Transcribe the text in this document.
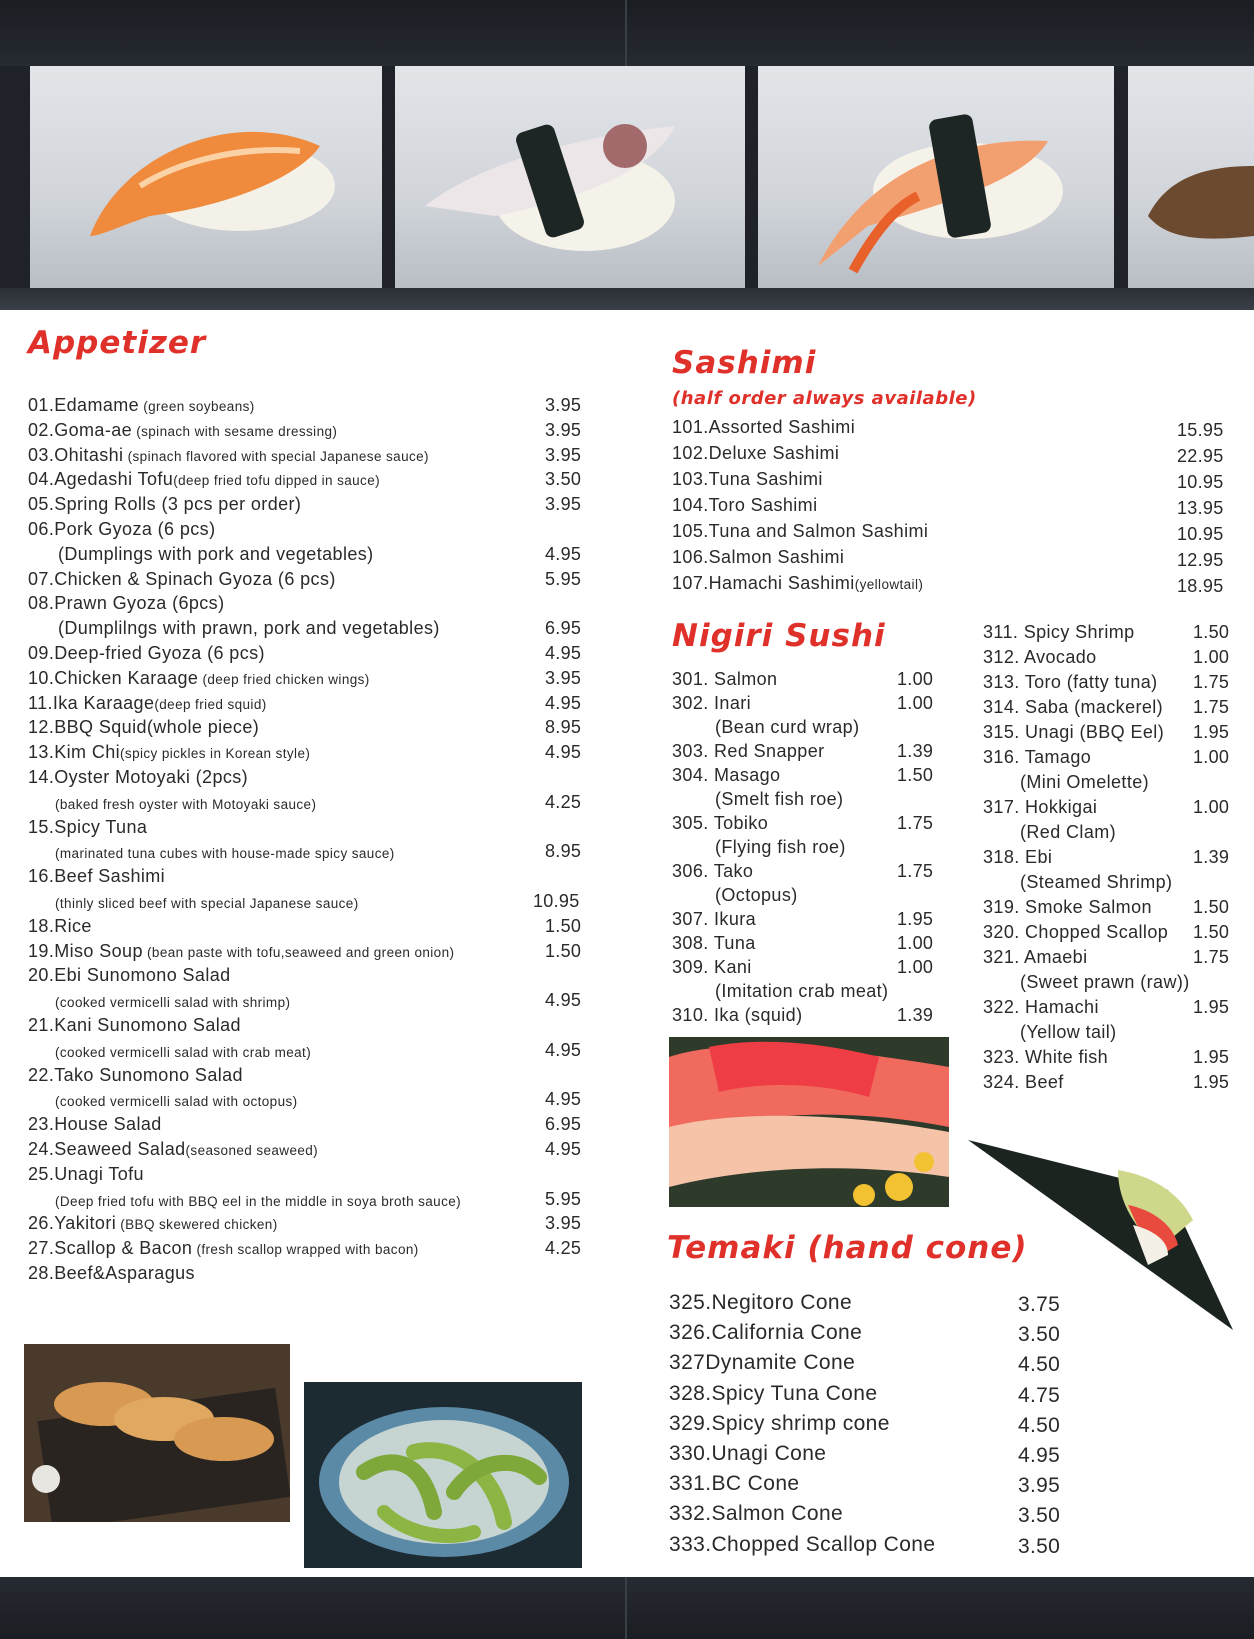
Appetizer
01.Edamame (green soybeans)	3.95
02.Goma-ae (spinach with sesame dressing)	3.95
03.Ohitashi (spinach flavored with special Japanese sauce)	3.95
04.Agedashi Tofu(deep fried tofu dipped in sauce)	3.50
05.Spring Rolls (3 pcs per order)	3.95
06.Pork Gyoza (6 pcs)
(Dumplings with pork and vegetables)	4.95
07.Chicken & Spinach Gyoza (6 pcs)	5.95
08.Prawn Gyoza (6pcs)
(Dumplilngs with prawn, pork and vegetables)	6.95
09.Deep-fried Gyoza (6 pcs)	4.95
10.Chicken Karaage (deep fried chicken wings)	3.95
11.Ika Karaage(deep fried squid)	4.95
12.BBQ Squid(whole piece)	8.95
13.Kim Chi(spicy pickles in Korean style)	4.95
14.Oyster Motoyaki (2pcs)
(baked fresh oyster with Motoyaki sauce)	4.25
15.Spicy Tuna
(marinated tuna cubes with house-made spicy sauce)	8.95
16.Beef Sashimi
(thinly sliced beef with special Japanese sauce)	10.95
18.Rice	1.50
19.Miso Soup (bean paste with tofu,seaweed and green onion)	1.50
20.Ebi Sunomono Salad
(cooked vermicelli salad with shrimp)	4.95
21.Kani Sunomono Salad
(cooked vermicelli salad with crab meat)	4.95
22.Tako Sunomono Salad
(cooked vermicelli salad with octopus)	4.95
23.House Salad	6.95
24.Seaweed Salad(seasoned seaweed)	4.95
25.Unagi Tofu
(Deep fried tofu with BBQ eel in the middle in soya broth sauce)	5.95
26.Yakitori (BBQ skewered chicken)	3.95
27.Scallop & Bacon (fresh scallop wrapped with bacon)	4.25
28.Beef&Asparagus
Sashimi

(half order always available)

101.Assorted Sashimi	15.95
102.Deluxe Sashimi	22.95
103.Tuna Sashimi	10.95
104.Toro Sashimi	13.95
105.Tuna and Salmon Sashimi	10.95
106.Salmon Sashimi	12.95
107.Hamachi Sashimi(yellowtail)	18.95
Nigiri Sushi
301. Salmon	1.00
302. Inari	1.00
(Bean curd wrap)
303. Red Snapper	1.39
304. Masago	1.50
(Smelt fish roe)
305. Tobiko	1.75
(Flying fish roe)
306. Tako	1.75
(Octopus)
307. Ikura	1.95
308. Tuna	1.00
309. Kani	1.00
(Imitation crab meat)
310. Ika (squid)	1.39
311. Spicy Shrimp	1.50
312. Avocado	1.00
313. Toro (fatty tuna) 1.75
314. Saba (mackerel) 1.75
315. Unagi (BBQ Eel) 1.95
316. Tamago	1.00
(Mini Omelette)
317. Hokkigai	1.00
(Red Clam)
318. Ebi	1.39
(Steamed Shrimp)
319. Smoke Salmon 1.50
320. Chopped Scallop 1.50
321. Amaebi	1.75
(Sweet prawn (raw))
322. Hamachi	1.95
(Yellow tail)
323. White fish	1.95
324. Beef	1.95
Temaki (hand cone)
325.Negitoro Cone	3.75
326.California Cone	3.50
327Dynamite Cone	4.50
328.Spicy Tuna Cone	4.75
329.Spicy shrimp cone	4.50
330.Unagi Cone	4.95
331.BC Cone	3.95
332.Salmon Cone	3.50
333.Chopped Scallop Cone	3.50
